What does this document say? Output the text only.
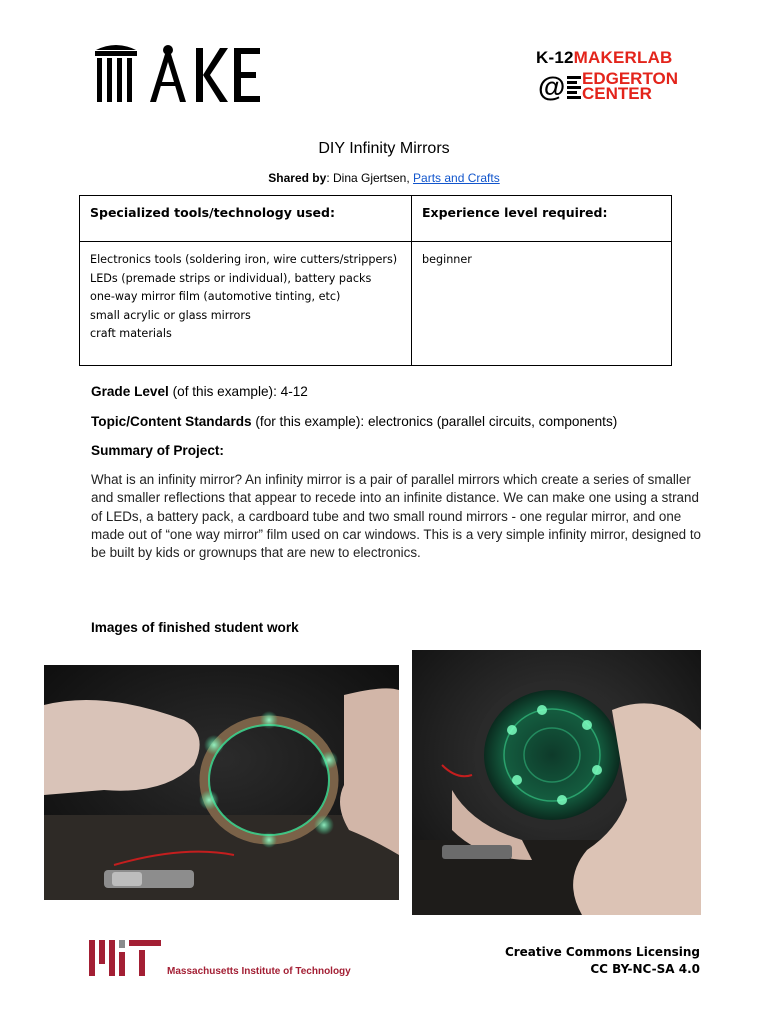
K-12MAKERLAB
@ EDGERTON
CENTER
DIY Infinity Mirrors
Shared by: Dina Gjertsen, Parts and Crafts
Specialized tools/technology used:	Experience level required:

Electronics tools (soldering iron, wire cutters/strippers)
LEDs (premade strips or individual), battery packs
one-way mirror film (automotive tinting, etc)
small acrylic or glass mirrors
craft materials	beginner
Grade Level (of this example): 4-12
Topic/Content Standards (for this example): electronics (parallel circuits, components)
Summary of Project:
What is an infinity mirror? An infinity mirror is a pair of parallel mirrors which create a series of smaller and smaller reflections that appear to recede into an infinite distance. We can make one using a strand of LEDs, a battery pack, a cardboard tube and two small round mirrors - one regular mirror, and one made out of “one way mirror” film used on car windows. This is a very simple infinity mirror, designed to be built by kids or grownups that are new to electronics.
Images of finished student work
Massachusetts Institute of Technology
Creative Commons Licensing
CC BY-NC-SA 4.0
